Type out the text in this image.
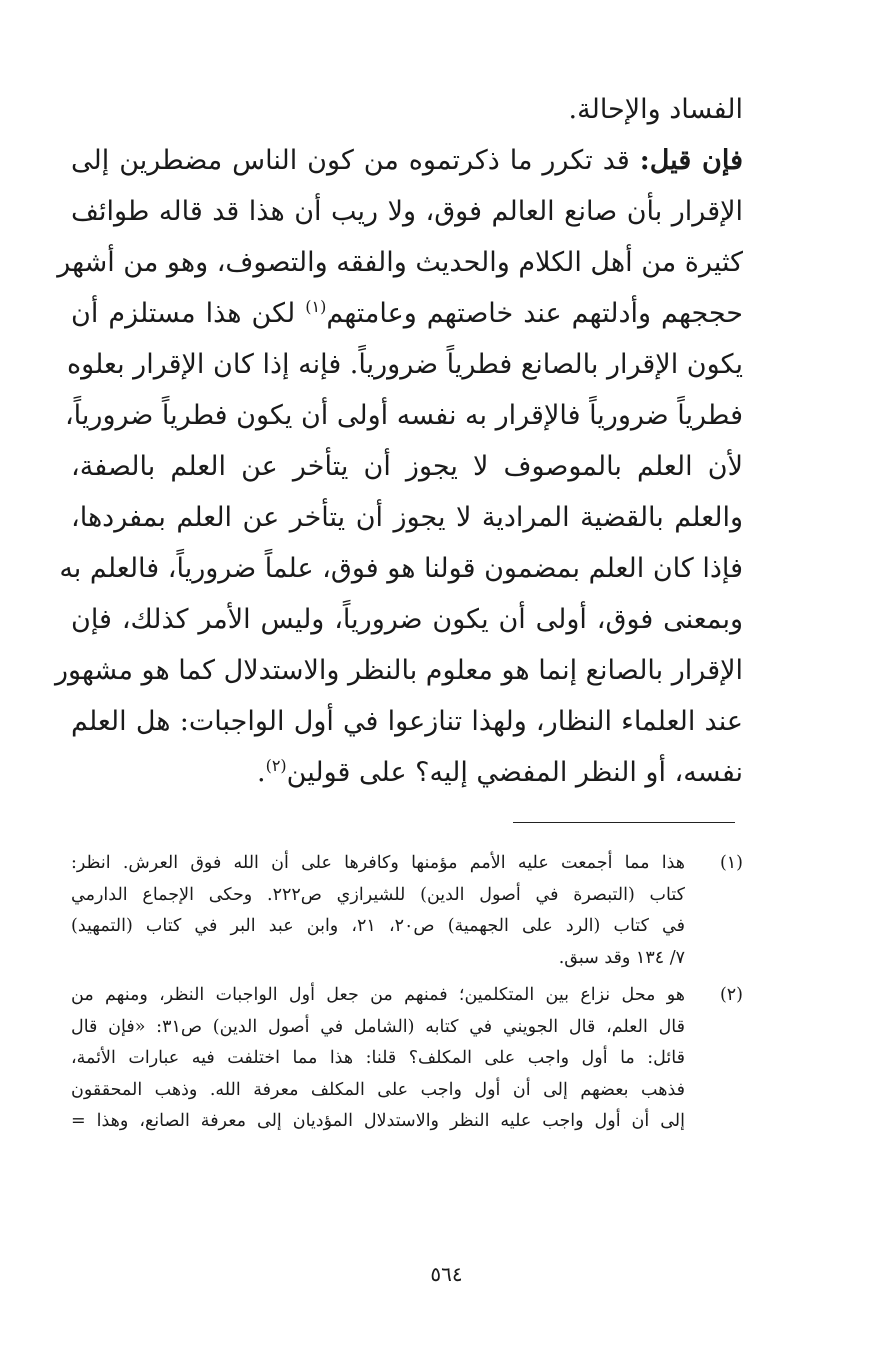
الفساد والإحالة.
فإن قيل: قد تكرر ما ذكرتموه من كون الناس مضطرين إلى
الإقرار بأن صانع العالم فوق، ولا ريب أن هذا قد قاله طوائف
كثيرة من أهل الكلام والحديث والفقه والتصوف، وهو من أشهر
حججهم وأدلتهم عند خاصتهم وعامتهم$^{(١)}$ لكن هذا مستلزم أن
يكون الإقرار بالصانع فطرياً ضرورياً. فإنه إذا كان الإقرار بعلوه
فطرياً ضرورياً فالإقرار به نفسه أولى أن يكون فطرياً ضرورياً،
لأن العلم بالموصوف لا يجوز أن يتأخر عن العلم بالصفة،
والعلم بالقضية المرادية لا يجوز أن يتأخر عن العلم بمفردها،
فإذا كان العلم بمضمون قولنا هو فوق، علماً ضرورياً، فالعلم به
وبمعنى فوق، أولى أن يكون ضرورياً، وليس الأمر كذلك، فإن
الإقرار بالصانع إنما هو معلوم بالنظر والاستدلال كما هو مشهور
عند العلماء النظار، ولهذا تنازعوا في أول الواجبات: هل العلم
نفسه، أو النظر المفضي إليه؟ على قولين$^{(٢)}$.
(١)
هذا مما أجمعت عليه الأمم مؤمنها وكافرها على أن الله فوق العرش. انظر:
كتاب (التبصرة في أصول الدين) للشيرازي ص٢٢٢. وحكى الإجماع الدارمي
في كتاب (الرد على الجهمية) ص٢٠، ٢١، وابن عبد البر في كتاب (التمهيد)
٧/ ١٣٤ وقد سبق.
(٢)
هو محل نزاع بين المتكلمين؛ فمنهم من جعل أول الواجبات النظر، ومنهم من
قال العلم، قال الجويني في كتابه (الشامل في أصول الدين) ص٣١: «فإن قال
قائل: ما أول واجب على المكلف؟ قلنا: هذا مما اختلفت فيه عبارات الأئمة،
فذهب بعضهم إلى أن أول واجب على المكلف معرفة الله. وذهب المحققون
إلى أن أول واجب عليه النظر والاستدلال المؤديان إلى معرفة الصانع، وهذا =
٥٦٤
